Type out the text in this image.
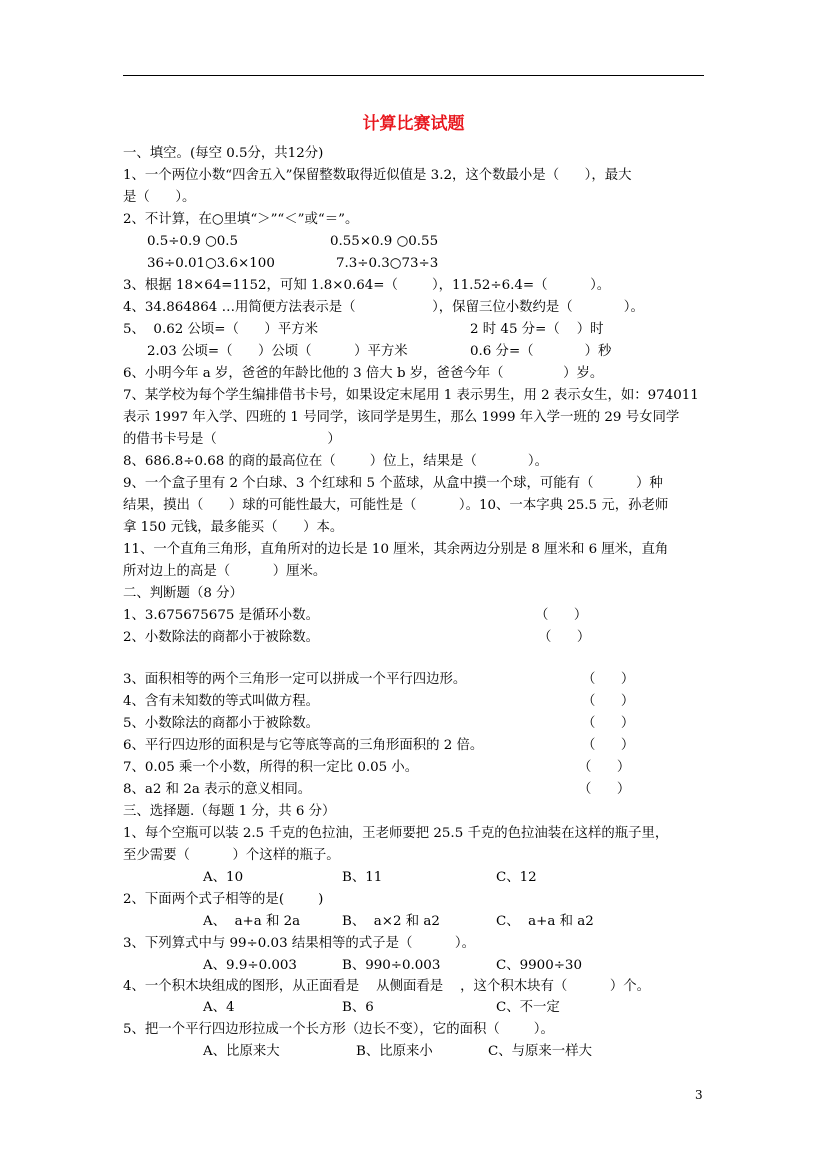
计算比赛试题
一、填空。(每空 0.5分，共12分)
1、一个两位小数“四舍五入”保留整数取得近似值是 3.2，这个数最小是（      ），最大
是（      ）。
2、不计算，在○里填“＞”“＜”或“＝”。
0.5÷0.9 ○0.5	0.55×0.9 ○0.55
36÷0.01○3.6×100	7.3÷0.3○73÷3
3、根据 18×64=1152，可知 1.8×0.64=（        ），11.52÷6.4=（          ）。
4、34.864864 …用简便方法表示是（                  ），保留三位小数约是（            ）。
5、  0.62 公顷=（      ）平方米	2 时 45 分=（    ）时
2.03 公顷=（      ）公顷（          ）平方米	0.6 分=（            ）秒
6、小明今年 a 岁，爸爸的年龄比他的 3 倍大 b 岁，爸爸今年（              ）岁。
7、某学校为每个学生编排借书卡号，如果设定末尾用 1 表示男生，用 2 表示女生，如：974011
表示 1997 年入学、四班的 1 号同学，该同学是男生，那么 1999 年入学一班的 29 号女同学
的借书卡号是（                          ）
8、686.8÷0.68 的商的最高位在（        ）位上，结果是（            ）。
9、一个盒子里有 2 个白球、3 个红球和 5 个蓝球，从盒中摸一个球，可能有（          ）种
结果，摸出（      ）球的可能性最大，可能性是（          ）。10、一本字典 25.5 元，孙老师
拿 150 元钱，最多能买（      ）本。
11、一个直角三角形，直角所对的边长是 10 厘米，其余两边分别是 8 厘米和 6 厘米，直角
所对边上的高是（          ）厘米。
二、判断题（8 分）
1、3.675675675 是循环小数。	（      ）
2、小数除法的商都小于被除数。	（      ）
3、面积相等的两个三角形一定可以拼成一个平行四边形。	（      ）
4、含有未知数的等式叫做方程。	（      ）
5、小数除法的商都小于被除数。	（      ）
6、平行四边形的面积是与它等底等高的三角形面积的 2 倍。	（      ）
7、0.05 乘一个小数，所得的积一定比 0.05 小。	（      ）
8、a2 和 2a 表示的意义相同。	（      ）
三、选择题.（每题 1 分，共 6 分）
1、每个空瓶可以装 2.5 千克的色拉油，王老师要把 25.5 千克的色拉油装在这样的瓶子里，
至少需要（          ）个这样的瓶子。
A、10	B、11	C、12
2、下面两个式子相等的是(        )
A、  a+a 和 2a	B、  a×2 和 a2	C、  a+a 和 a2
3、下列算式中与 99÷0.03 结果相等的式子是（          ）。
A、9.9÷0.003	B、990÷0.003	C、9900÷30
4、一个积木块组成的图形，从正面看是    从侧面看是    ，这个积木块有（          ）个。
A、4	B、6	C、不一定
5、把一个平行四边形拉成一个长方形（边长不变），它的面积（        ）。
A、比原来大	B、比原来小	C、与原来一样大
3
